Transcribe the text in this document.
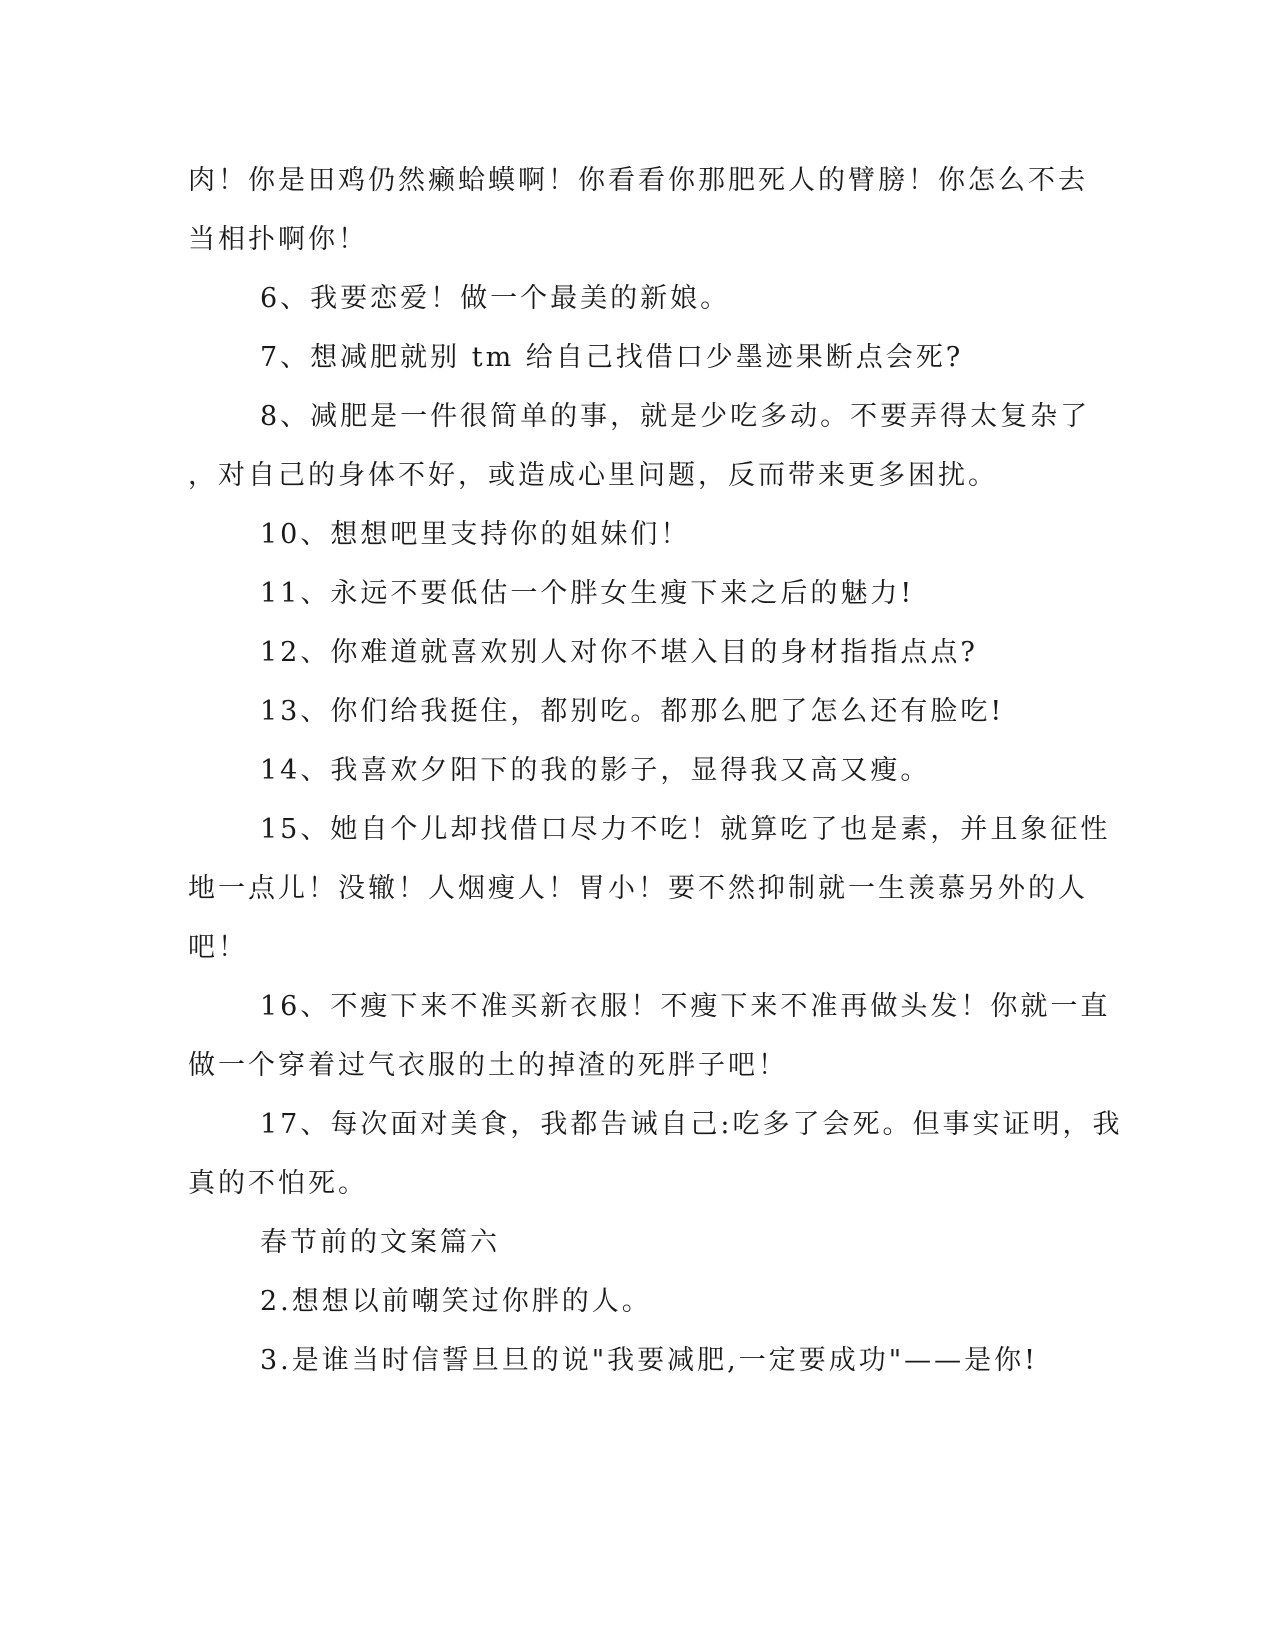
肉！你是田鸡仍然癞蛤蟆啊！你看看你那肥死人的臂膀！你怎么不去
当相扑啊你！
6、我要恋爱！做一个最美的新娘。
7、想减肥就别 tm 给自己找借口少墨迹果断点会死?
8、减肥是一件很简单的事，就是少吃多动。不要弄得太复杂了
，对自己的身体不好，或造成心里问题，反而带来更多困扰。
10、想想吧里支持你的姐妹们！
11、永远不要低估一个胖女生瘦下来之后的魅力!
12、你难道就喜欢别人对你不堪入目的身材指指点点?
13、你们给我挺住，都别吃。都那么肥了怎么还有脸吃!
14、我喜欢夕阳下的我的影子，显得我又高又瘦。
15、她自个儿却找借口尽力不吃！就算吃了也是素，并且象征性
地一点儿！没辙！人烟瘦人！胃小！要不然抑制就一生羡慕另外的人
吧！
16、不瘦下来不准买新衣服！不瘦下来不准再做头发！你就一直
做一个穿着过气衣服的土的掉渣的死胖子吧！
17、每次面对美食，我都告诫自己:吃多了会死。但事实证明，我
真的不怕死。
春节前的文案篇六
2.想想以前嘲笑过你胖的人。
3.是谁当时信誓旦旦的说"我要减肥,一定要成功"——是你!
